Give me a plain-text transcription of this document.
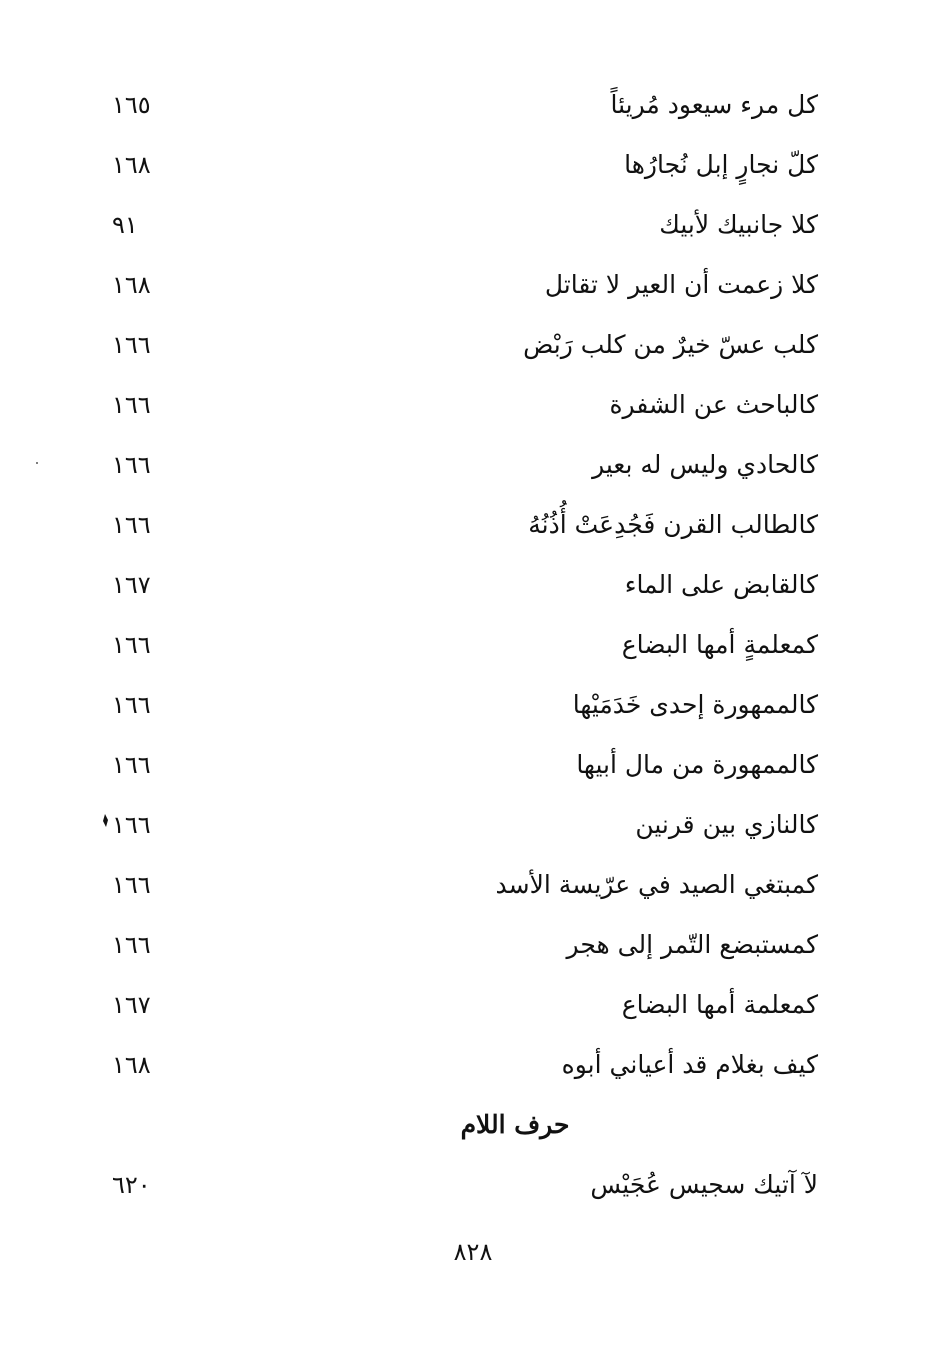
كل مرء سيعود مُريئاً
١٦٥
كلّ نجارٍ إبل نُجارُها
١٦٨
كلا جانبيك لأبيك
٩١
كلا زعمت أن العير لا تقاتل
١٦٨
كلب عسّ خيرٌ من كلب رَبْض
١٦٦
كالباحث عن الشفرة
١٦٦
كالحادي وليس له بعير
١٦٦
كالطالب القرن فَجُدِعَتْ أُذُنُهُ
١٦٦
كالقابض على الماء
١٦٧
كمعلمةٍ أمها البضاع
١٦٦
كالممهورة إحدى خَدَمَيْها
١٦٦
كالممهورة من مال أبيها
١٦٦
كالنازي بين قرنين
١٦٦
كمبتغي الصيد في عرّيسة الأسد
١٦٦
كمستبضع التّمر إلى هجر
١٦٦
كمعلمة أمها البضاع
١٦٧
كيف بغلام قد أعياني أبوه
١٦٨
حرف اللام
لآ آتيك سجيس عُجَيْس
٦٢٠
٨٢٨
